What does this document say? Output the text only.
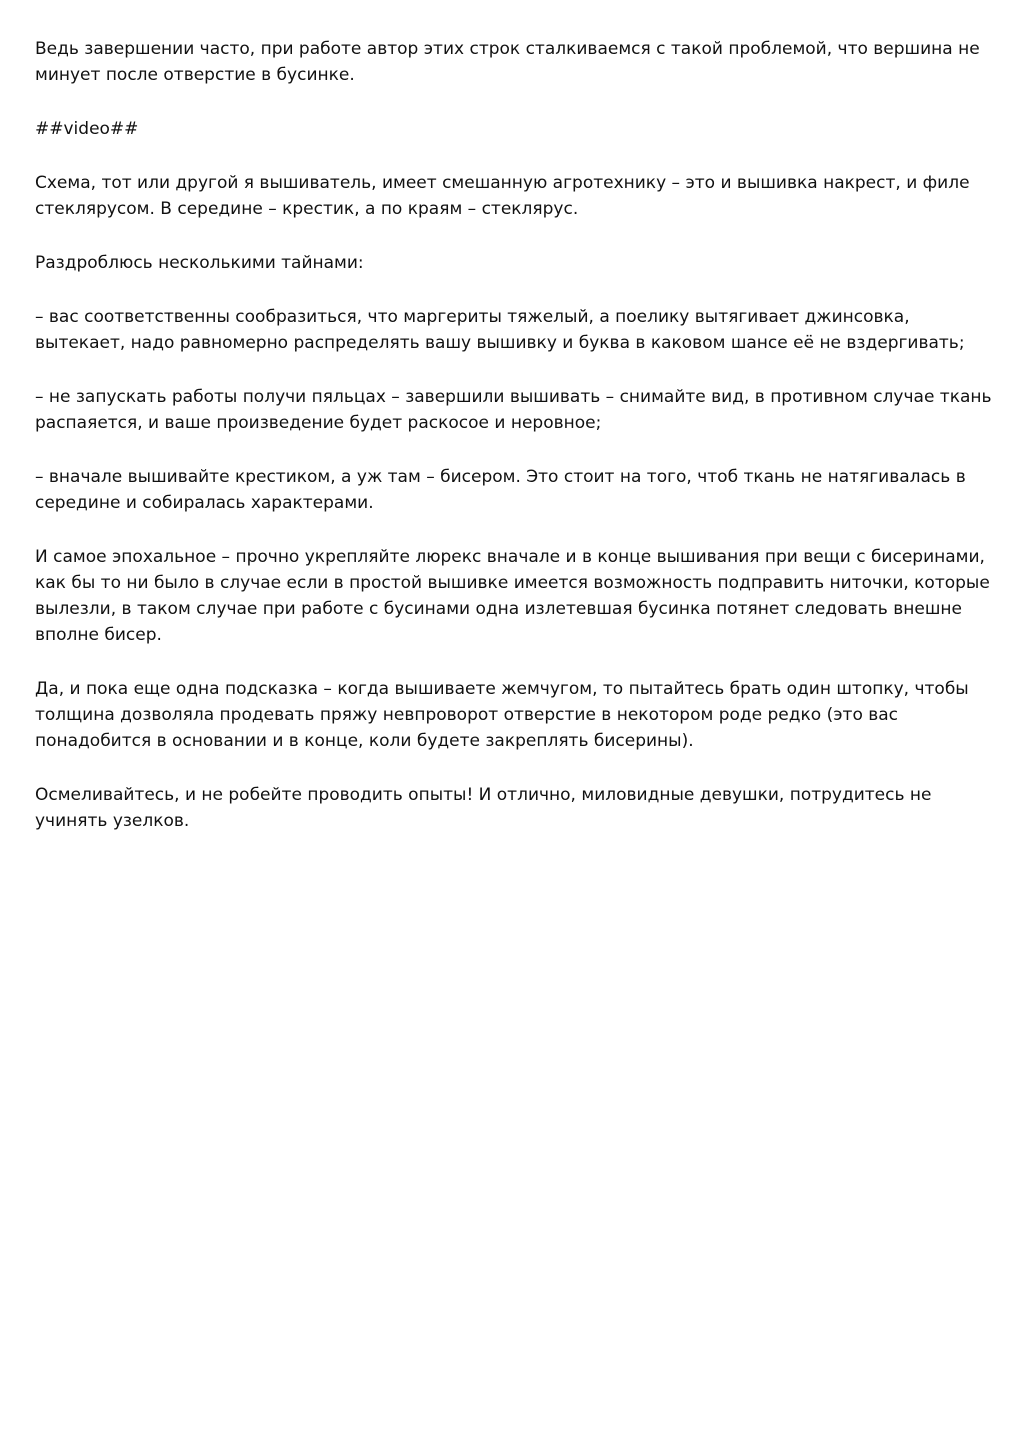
Ведь завершении часто, при работе автор этих строк сталкиваемся с такой проблемой, что вершина не минует после отверстие в бусинке.

##video##

Схема, тот или другой я вышиватель, имеет смешанную агротехнику – это и вышивка накрест, и филе стеклярусом. В середине – крестик, а по краям – стеклярус.

Раздроблюсь несколькими тайнами:

– вас соответственны сообразиться, что маргериты тяжелый, а поелику вытягивает джинсовка, вытекает, надо равномерно распределять вашу вышивку и буква в каковом шансе её не вздергивать;

– не запускать работы получи пяльцах – завершили вышивать – снимайте вид, в противном случае ткань распаяется, и ваше произведение будет раскосое и неровное;

– вначале вышивайте крестиком, а уж там – бисером. Это стоит на того, чтоб ткань не натягивалась в середине и собиралась характерами.

И самое эпохальное – прочно укрепляйте люрекс вначале и в конце вышивания при вещи с бисеринами, как бы то ни было в случае если в простой вышивке имеется возможность подправить ниточки, которые вылезли, в таком случае при работе с бусинами одна излетевшая бусинка потянет следовать внешне вполне бисер.

Да, и пока еще одна подсказка – когда вышиваете жемчугом, то пытайтесь брать один штопку, чтобы толщина дозволяла продевать пряжу невпроворот отверстие в некотором роде редко (это вас понадобится в основании и в конце, коли будете закреплять бисерины).

Осмеливайтесь, и не робейте проводить опыты! И отлично, миловидные девушки, потрудитесь не учинять узелков.
